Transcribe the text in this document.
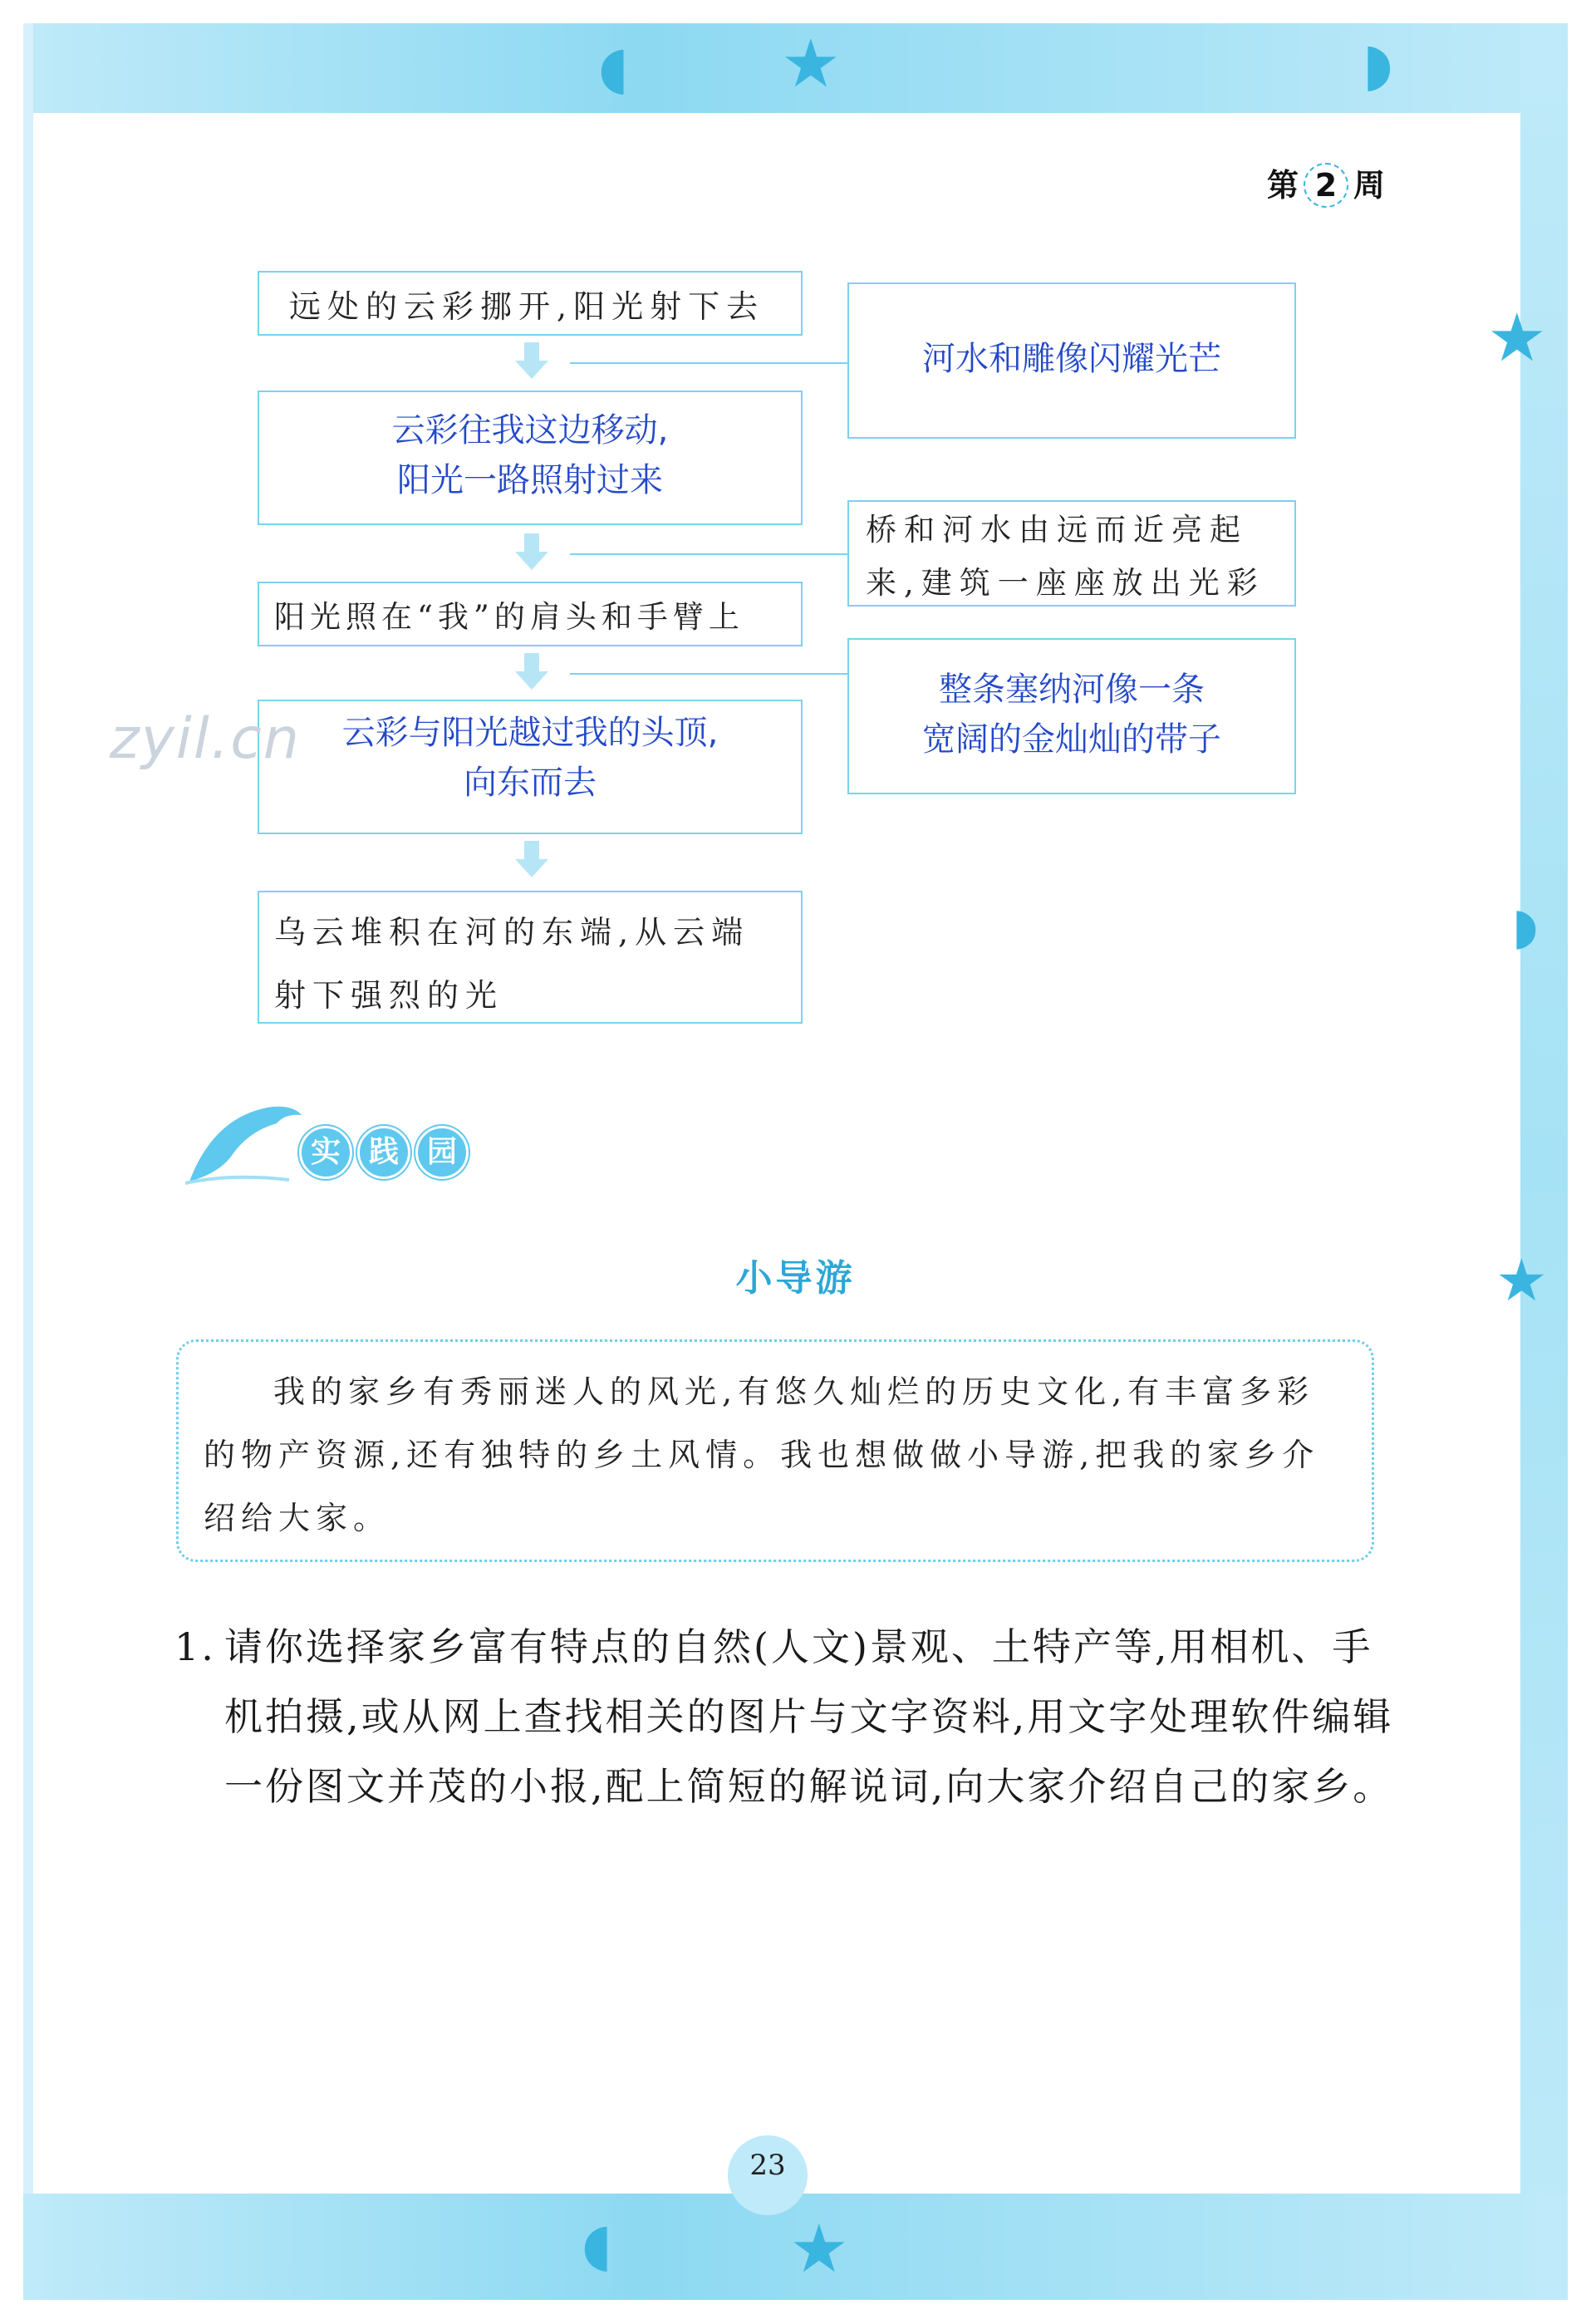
★
★
★
★
◖	◗
◗
◖
第 2 周
远处的云彩挪开,阳光射下去
云彩往我这边移动,
阳光一路照射过来
阳光照在“我”的肩头和手臂上
云彩与阳光越过我的头顶,
向东而去
乌云堆积在河的东端,从云端射下强烈的光
河水和雕像闪耀光芒
桥和河水由远而近亮起来,建筑一座座放出光彩
整条塞纳河像一条
宽阔的金灿灿的带子
zyil.cn
实 践 园
小导游

我的家乡有秀丽迷人的风光,有悠久灿烂的历史文化,有丰富多彩的物产资源,还有独特的乡土风情。我也想做做小导游,把我的家乡介绍给大家。

1. 请你选择家乡富有特点的自然(人文)景观、土特产等,用相机、手机拍摄,或从网上查找相关的图片与文字资料,用文字处理软件编辑一份图文并茂的小报,配上简短的解说词,向大家介绍自己的家乡。
23
